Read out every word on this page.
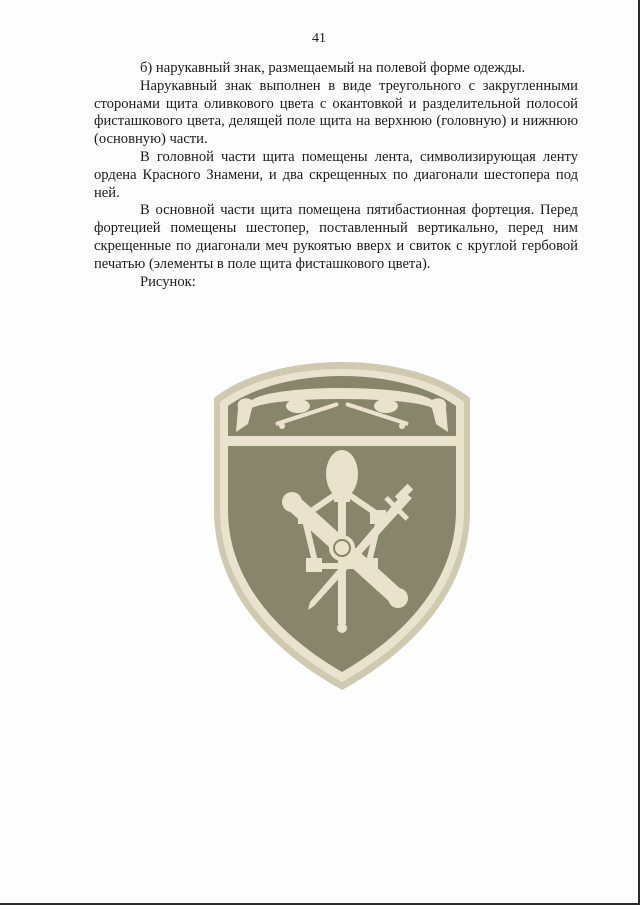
41

б) нарукавный знак, размещаемый на полевой форме одежды.

Нарукавный знак выполнен в виде треугольного с закругленными сторонами щита оливкового цвета с окантовкой и разделительной полосой фисташкового цвета, делящей поле щита на верхнюю (головную) и нижнюю (основную) части.

В головной части щита помещены лента, символизирующая ленту ордена Красного Знамени, и два скрещенных по диагонали шестопера под ней.

В основной части щита помещена пятибастионная фортеция. Перед фортецией помещены шестопер, поставленный вертикально, перед ним скрещенные по диагонали меч рукоятью вверх и свиток с круглой гербовой печатью (элементы в поле щита фисташкового цвета).

Рисунок:
